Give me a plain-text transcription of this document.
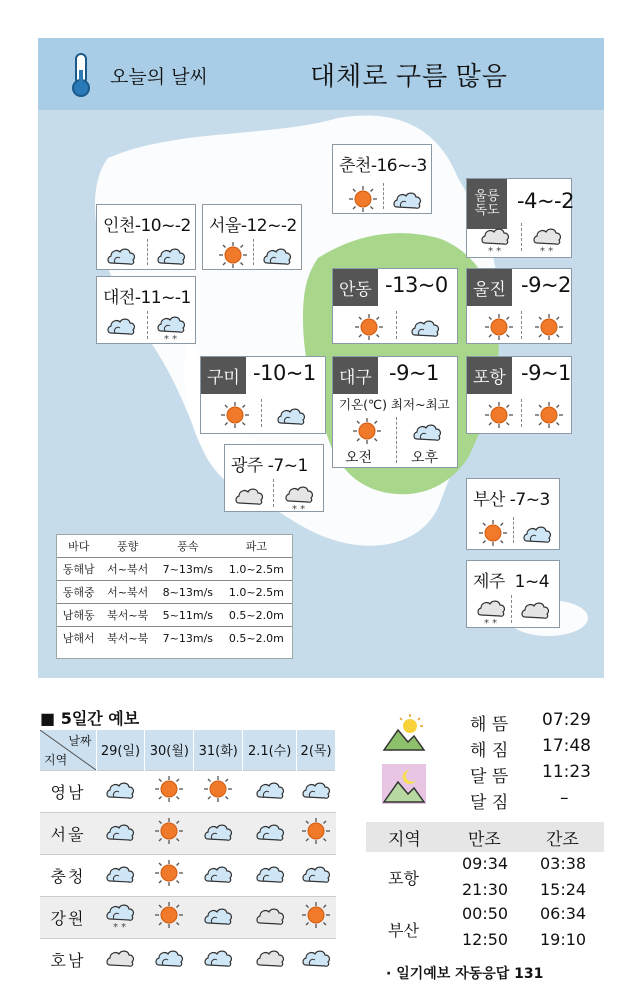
오늘의 날씨	대체로 구름 많음
춘천-16~-3
인천-10~-2 서울-12~-2
대전-11~-1
* *
울릉독도 -4~-2
* *	* *
안동 -13~0	울진 -9~2
구미 -10~1	대구 -9~1
기온(℃) 최저~최고
오전	오후
포항 -9~1
광주 -7~1
* *	부산 -7~3
제주 1~4
* *
바다	풍향	풍속	파고
동해남	서~북서	7~13m/s	1.0~2.5m
동해중	서~북서	8~13m/s	1.0~2.5m
남해동	북서~북	5~11m/s	0.5~2.0m
남해서	북서~북	7~13m/s	0.5~2.0m
■ 5일간 예보
날짜
지역	29(일)	30(월)	31(화)	2.1(수)	2(목)
영남					
서울					
충청					
강원	* *

호남					
해 뜸 07:29
해 짐 17:48
달 뜸 11:23
달 짐	–
지역	만조	간조
포항
09:34 03:38
21:30 15:24
부산
00:50 06:34
12:50 19:10
· 일기예보 자동응답 131
